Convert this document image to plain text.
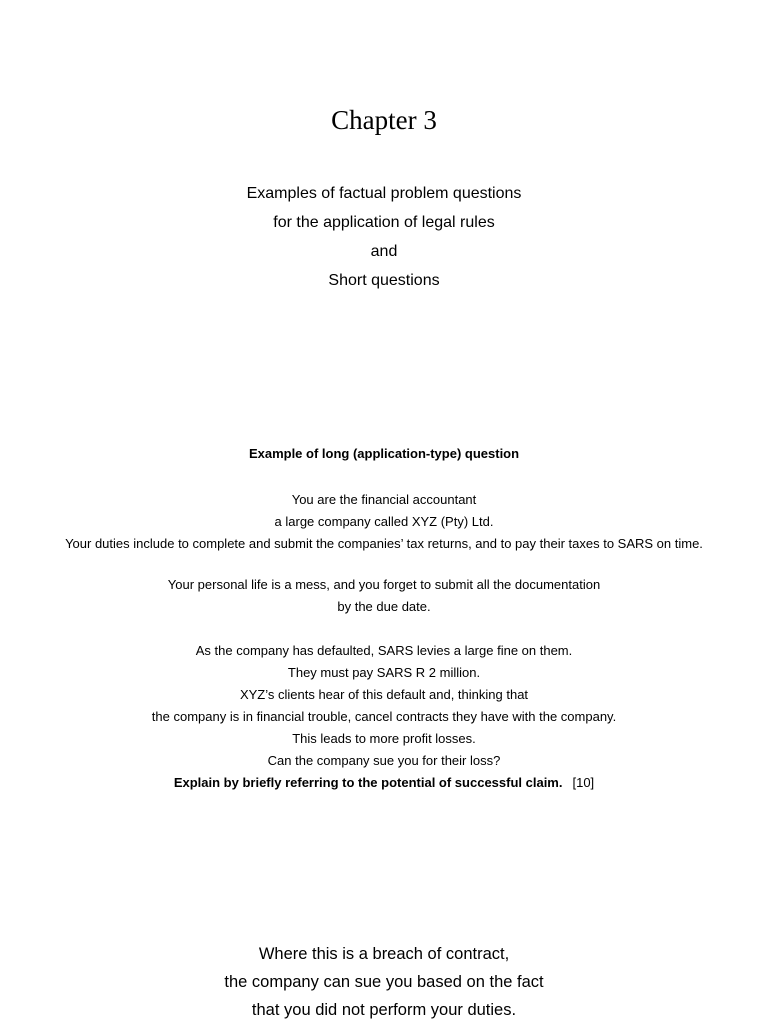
Chapter 3
Examples of factual problem questions
for the application of legal rules
and
Short questions
Example of long (application-type) question
You are the financial accountant
a large company called XYZ (Pty) Ltd.
Your duties include to complete and submit the companies’ tax returns, and to pay their taxes to SARS on time.
Your personal life is a mess, and you forget to submit all the documentation
by the due date.
As the company has defaulted, SARS levies a large fine on them.
They must pay SARS R 2 million.
XYZ’s clients hear of this default and, thinking that
the company is in financial trouble, cancel contracts they have with the company.
This leads to more profit losses.
Can the company sue you for their loss?
Explain by briefly referring to the potential of successful claim. [10]
Where this is a breach of contract,
the company can sue you based on the fact
that you did not perform your duties.
